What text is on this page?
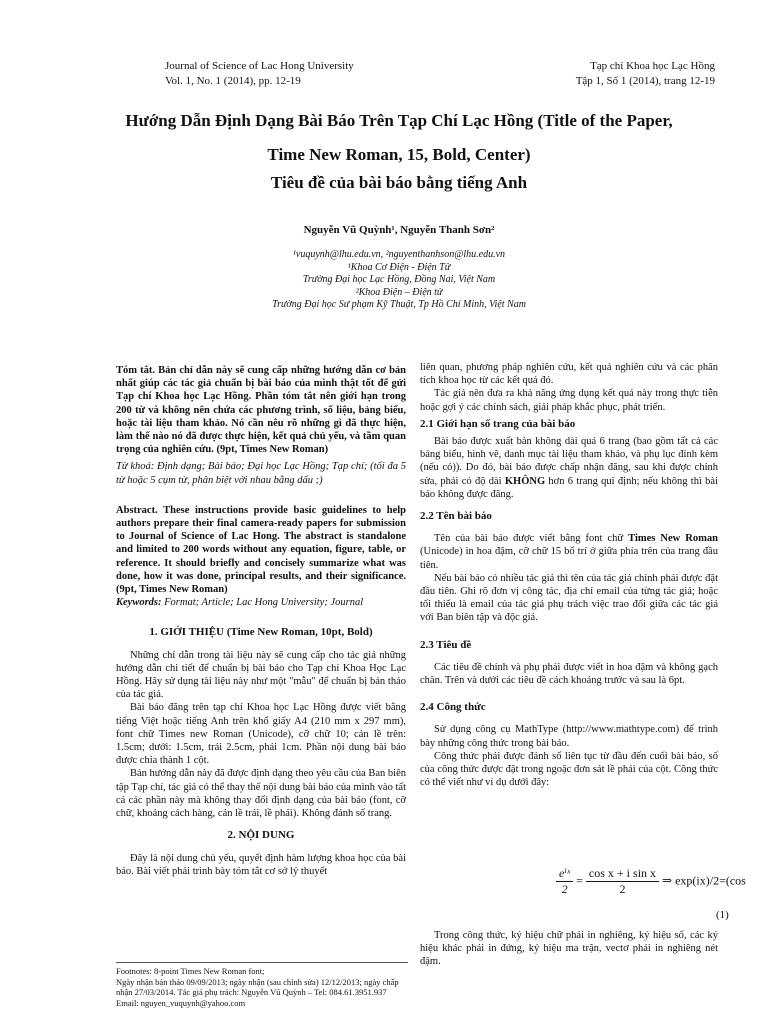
Journal of Science of Lac Hong University
Vol. 1, No. 1 (2014), pp. 12-19
Tạp chí Khoa học Lạc Hồng
Tập 1, Số 1 (2014), trang 12-19
Hướng Dẫn Định Dạng Bài Báo Trên Tạp Chí Lạc Hồng (Title of the Paper,
Time New Roman, 15, Bold, Center)
Tiêu đề của bài báo bằng tiếng Anh
Nguyễn Vũ Quỳnh¹, Nguyễn Thanh Sơn²
¹vuquynh@lhu.edu.vn, ²nguyenthanhson@lhu.edu.vn
¹Khoa Cơ Điện - Điện Tử
Trường Đại học Lạc Hồng, Đồng Nai, Việt Nam
²Khoa Điện – Điện tử
Trường Đại học Sư phạm Kỹ Thuật, Tp Hồ Chí Minh, Việt Nam

Tóm tắt. Bản chỉ dẫn này sẽ cung cấp những hướng dẫn cơ bản nhất giúp các tác giả chuẩn bị bài báo của mình thật tốt để gửi Tạp chí Khoa học Lạc Hồng. Phần tóm tắt nên giới hạn trong 200 từ và không nên chứa các phương trình, số liệu, bảng biểu, hoặc tài liệu tham khảo. Nó cần nêu rõ những gì đã thực hiện, làm thế nào nó đã được thực hiện, kết quả chủ yếu, và tầm quan trọng của nghiên cứu. (9pt, Times New Roman)

Từ khoá: Định dạng; Bài báo; Đại học Lạc Hồng; Tạp chí; (tối đa 5 từ hoặc 5 cụm từ, phân biệt với nhau bằng dấu ;)

Abstract. These instructions provide basic guidelines to help authors prepare their final camera-ready papers for submission to Journal of Science of Lac Hong. The abstract is standalone and limited to 200 words without any equation, figure, table, or reference. It should briefly and concisely summarize what was done, how it was done, principal results, and their significance. (9pt, Times New Roman)

Keywords: Format; Article; Lac Hong University; Journal

1. GIỚI THIỆU (Time New Roman, 10pt, Bold)

Những chỉ dẫn trong tài liệu này sẽ cung cấp cho tác giả những hướng dẫn chi tiết để chuẩn bị bài báo cho Tạp chí Khoa Học Lạc Hồng. Hãy sử dụng tài liệu này như một "mẫu" để chuẩn bị bản thảo của tác giả.

Bài báo đăng trên tạp chí Khoa học Lạc Hồng được viết bằng tiếng Việt hoặc tiếng Anh trên khổ giấy A4 (210 mm x 297 mm), font chữ Times new Roman (Unicode), cỡ chữ 10; cản lề trên: 1.5cm; dưới: 1.5cm, trái 2.5cm, phải 1cm. Phần nội dung bài báo được chia thành 1 cột.

Bản hướng dẫn này đã được định dạng theo yêu cầu của Ban biên tập Tạp chí, tác giả có thể thay thế nội dung bài báo của mình vào tất cả các phần này mà không thay đổi định dạng của bài báo (font, cỡ chữ, khoảng cách hàng, cản lề trái, lề phải). Không đánh số trang.

2. NỘI DUNG

Đây là nội dung chủ yếu, quyết định hàm lượng khoa học của bài báo. Bài viết phải trình bày tóm tắt cơ sở lý thuyết

Footnotes: 8-point Times New Roman font;

Ngày nhận bản thảo 09/09/2013; ngày nhận (sau chỉnh sửa) 12/12/2013; ngày chấp nhận 27/03/2014. Tác giả phụ trách: Nguyễn Vũ Quỳnh – Tel: 084.61.3951.937 Email: nguyen_vuquynh@yahoo.com

liên quan, phương pháp nghiên cứu, kết quả nghiên cứu và các phân tích khoa học từ các kết quả đó.

Tác giả nên đưa ra khả năng ứng dụng kết quả này trong thực tiễn hoặc gợi ý các chính sách, giải pháp khắc phục, phát triển.

2.1 Giới hạn số trang của bài báo

Bài báo được xuất bản không dài quá 6 trang (bao gồm tất cả các bảng biểu, hình vẽ, danh mục tài liệu tham khảo, và phụ lục đính kèm (nếu có)). Do đó, bài báo được chấp nhận đăng, sau khi được chỉnh sửa, phải có độ dài KHÔNG hơn 6 trang qui định; nếu không thì bài báo không được đăng.

2.2 Tên bài báo

Tên của bài báo được viết bằng font chữ Times New Roman (Unicode) in hoa đậm, cỡ chữ 15 bố trí ở giữa phía trên của trang đầu tiên.

Nếu bài báo có nhiều tác giả thì tên của tác giả chính phải được đặt đầu tiên. Ghi rõ đơn vị công tác, địa chỉ email của từng tác giả; hoặc tối thiểu là email của tác giả phụ trách việc trao đổi giữa các tác giả với Ban biên tập và độc giả.

2.3 Tiêu đề

Các tiêu đề chính và phụ phải được viết in hoa đậm và không gạch chân. Trên và dưới các tiêu đề cách khoảng trước và sau là 6pt.

2.4 Công thức

Sử dụng công cụ MathType (http://www.mathtype.com) để trình bày những công thức trong bài báo.

Công thức phải được đánh số liên tục từ đầu đến cuối bài báo, số của công thức được đặt trong ngoặc đơn sát lề phải của cột. Công thức có thể viết như ví dụ dưới đây:

$\frac{\text{eⁱˣ}}{2} = \frac{\text{cos x + i sin x}}{2}$ ⇒ exp(ix)/2=(cos
(1)

Trong công thức, ký hiệu chữ phải in nghiêng, ký hiệu số, các ký hiệu khác phải in đứng, ký hiệu ma trận, vectơ phải in nghiêng nét đậm.
